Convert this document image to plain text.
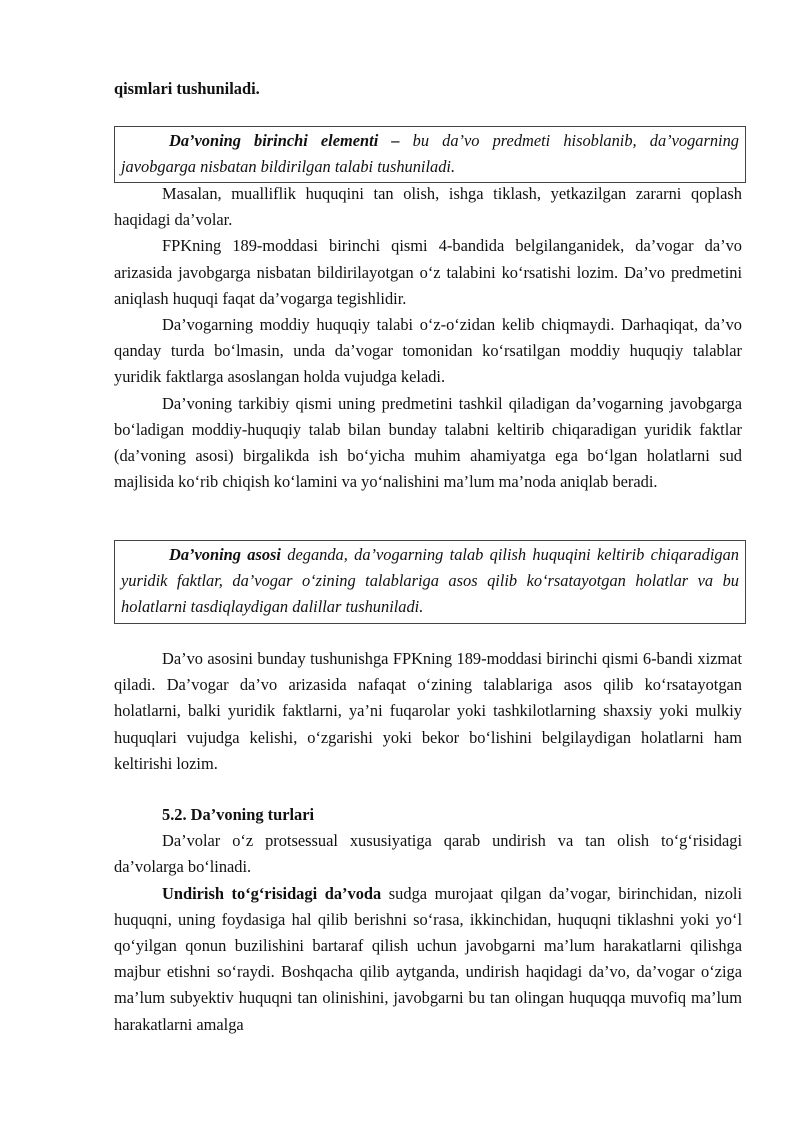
qismlari tushuniladi.

Da’voning birinchi elementi – bu da’vo predmeti hisoblanib, da’vogarning javobgarga nisbatan bildirilgan talabi tushuniladi.

Masalan, mualliflik huquqini tan olish, ishga tiklash, yetkazilgan zararni qoplash haqidagi da’volar.

FPKning 189-moddasi birinchi qismi 4-bandida belgilanganidek, da’vogar da’vo arizasida javobgarga nisbatan bildirilayotgan o‘z talabini ko‘rsatishi lozim. Da’vo predmetini aniqlash huquqi faqat da’vogarga tegishlidir.

Da’vogarning moddiy huquqiy talabi o‘z-o‘zidan kelib chiqmaydi. Darhaqiqat, da’vo qanday turda bo‘lmasin, unda da’vogar tomonidan ko‘rsatilgan moddiy huquqiy talablar yuridik faktlarga asoslangan holda vujudga keladi.

Da’voning tarkibiy qismi uning predmetini tashkil qiladigan da’vogarning javobgarga bo‘ladigan moddiy-huquqiy talab bilan bunday talabni keltirib chiqaradigan yuridik faktlar (da’voning asosi) birgalikda ish bo‘yicha muhim ahamiyatga ega bo‘lgan holatlarni sud majlisida ko‘rib chiqish ko‘lamini va yo‘nalishini ma’lum ma’noda aniqlab beradi.

Da’voning asosi deganda, da’vogarning talab qilish huquqini keltirib chiqaradigan yuridik faktlar, da’vogar o‘zining talablariga asos qilib ko‘rsatayotgan holatlar va bu holatlarni tasdiqlaydigan dalillar tushuniladi.

Da’vo asosini bunday tushunishga FPKning 189-moddasi birinchi qismi 6-bandi xizmat qiladi. Da’vogar da’vo arizasida nafaqat o‘zining talablariga asos qilib ko‘rsatayotgan holatlarni, balki yuridik faktlarni, ya’ni fuqarolar yoki tashkilotlarning shaxsiy yoki mulkiy huquqlari vujudga kelishi, o‘zgarishi yoki bekor bo‘lishini belgilaydigan holatlarni ham keltirishi lozim.

5.2. Da’voning turlari

Da’volar o‘z protsessual xususiyatiga qarab undirish va tan olish to‘g‘risidagi da’volarga bo‘linadi.

Undirish to‘g‘risidagi da’voda sudga murojaat qilgan da’vogar, birinchidan, nizoli huquqni, uning foydasiga hal qilib berishni so‘rasa, ikkinchidan, huquqni tiklashni yoki yo‘l qo‘yilgan qonun buzilishini bartaraf qilish uchun javobgarni ma’lum harakatlarni qilishga majbur etishni so‘raydi. Boshqacha qilib aytganda, undirish haqidagi da’vo, da’vogar o‘ziga ma’lum subyektiv huquqni tan olinishini, javobgarni bu tan olingan huquqqa muvofiq ma’lum harakatlarni amalga
